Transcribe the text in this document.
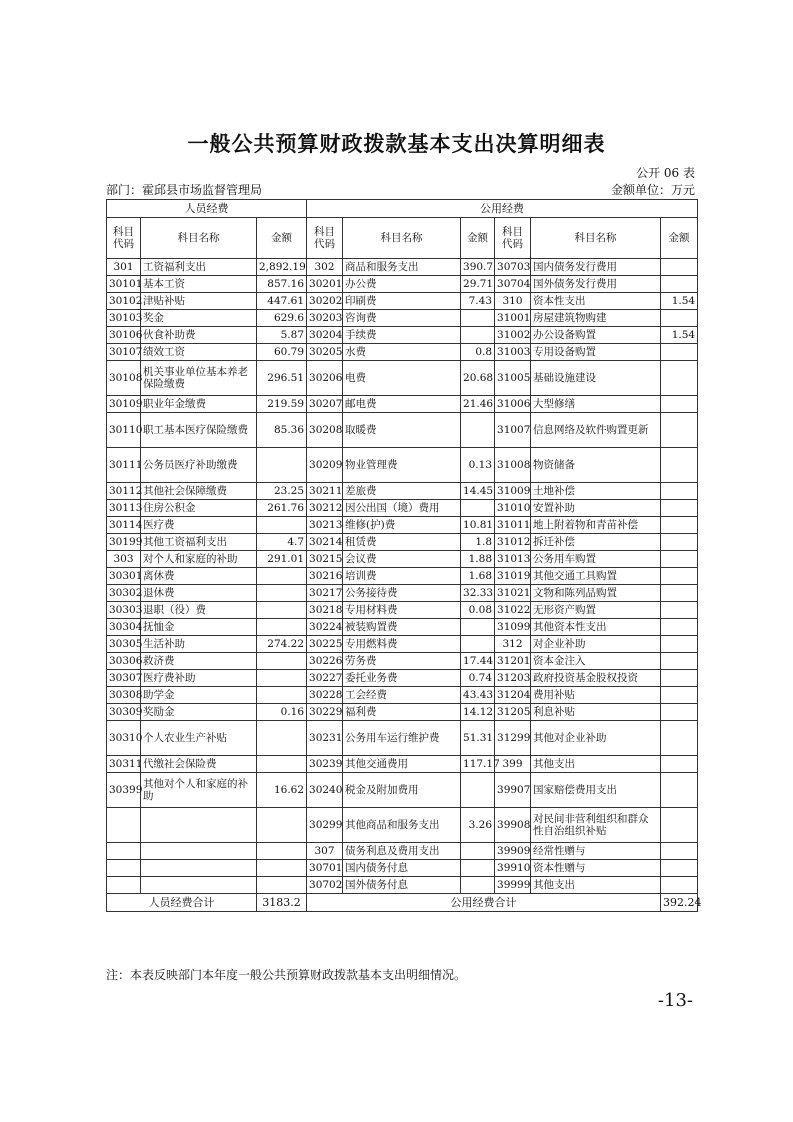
一般公共预算财政拨款基本支出决算明细表
公开 06 表
部门：霍邱县市场监督管理局	金额单位：万元
人员经费			公用经费					
科目代码	科目名称	金额	科目代码	科目名称	金额	科目代码	科目名称	金额
301	工资福利支出	2,892.19	302	商品和服务支出	390.7	30703	国内债务发行费用	
30101	基本工资	857.16	30201	办公费	29.71	30704	国外债务发行费用	
30102	津贴补贴	447.61	30202	印刷费	7.43	310	资本性支出	1.54
30103	奖金	629.6	30203	咨询费		31001	房屋建筑物购建	
30106	伙食补助费	5.87	30204	手续费		31002	办公设备购置	1.54
30107	绩效工资	60.79	30205	水费	0.8	31003	专用设备购置	
30108	机关事业单位基本养老保险缴费	296.51	30206	电费	20.68	31005	基础设施建设	
30109	职业年金缴费	219.59	30207	邮电费	21.46	31006	大型修缮	
30110	职工基本医疗保险缴费	85.36	30208	取暖费		31007	信息网络及软件购置更新	
30111	公务员医疗补助缴费		30209	物业管理费	0.13	31008	物资储备	
30112	其他社会保障缴费	23.25	30211	差旅费	14.45	31009	土地补偿	
30113	住房公积金	261.76	30212	因公出国（境）费用		31010	安置补助	
30114	医疗费		30213	维修(护)费	10.81	31011	地上附着物和青苗补偿	
30199	其他工资福利支出	4.7	30214	租赁费	1.8	31012	拆迁补偿	
303	对个人和家庭的补助	291.01	30215	会议费	1.88	31013	公务用车购置	
30301	离休费		30216	培训费	1.68	31019	其他交通工具购置	
30302	退休费		30217	公务接待费	32.33	31021	文物和陈列品购置	
30303	退职（役）费		30218	专用材料费	0.08	31022	无形资产购置	
30304	抚恤金		30224	被装购置费		31099	其他资本性支出	
30305	生活补助	274.22	30225	专用燃料费		312	对企业补助	
30306	救济费		30226	劳务费	17.44	31201	资本金注入	
30307	医疗费补助		30227	委托业务费	0.74	31203	政府投资基金股权投资	
30308	助学金		30228	工会经费	43.43	31204	费用补贴	
30309	奖励金	0.16	30229	福利费	14.12	31205	利息补贴	
30310	个人农业生产补贴		30231	公务用车运行维护费	51.31	31299	其他对企业补助	
30311	代缴社会保险费		30239	其他交通费用	117.17	399	其他支出	
30399	其他对个人和家庭的补助	16.62	30240	税金及附加费用		39907	国家赔偿费用支出	
			30299	其他商品和服务支出	3.26	39908	对民间非营利组织和群众性自治组织补贴	
			307	债务利息及费用支出		39909	经常性赠与	
			30701	国内债务付息		39910	资本性赠与	
			30702	国外债务付息		39999	其他支出	
人员经费合计		3183.2	公用经费合计					392.24
注：本表反映部门本年度一般公共预算财政拨款基本支出明细情况。
-13-
